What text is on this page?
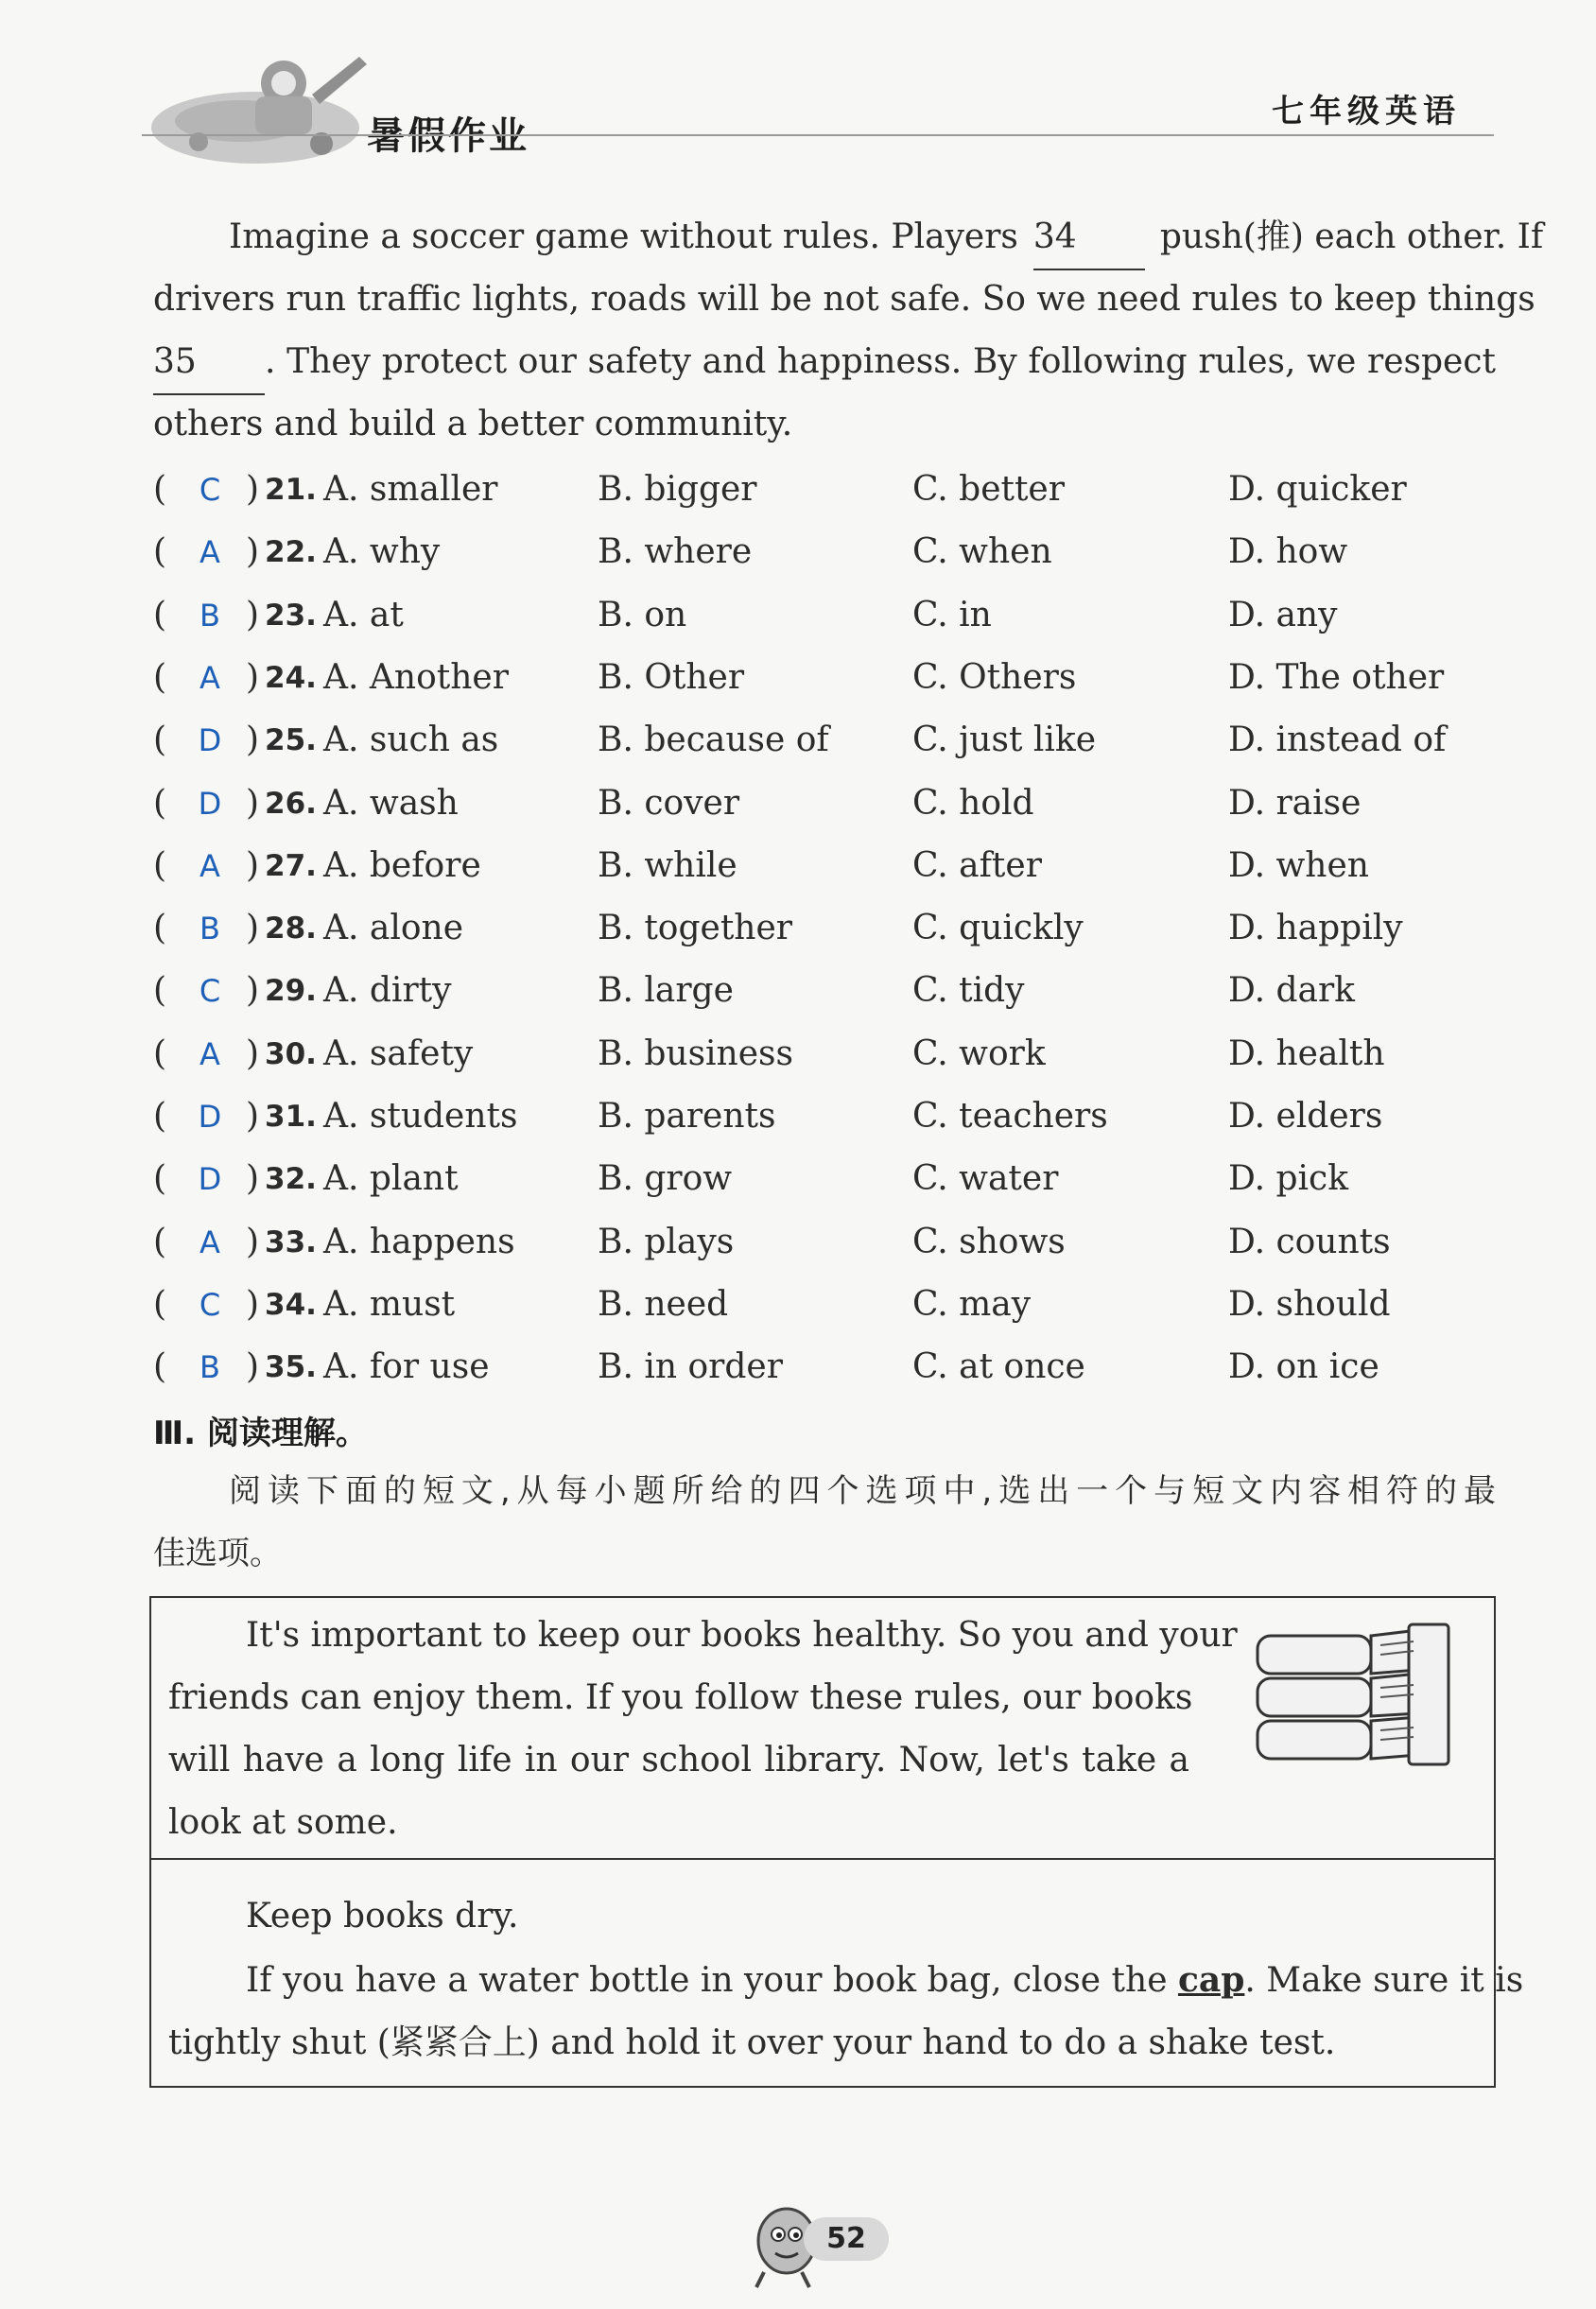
暑假作业
七年级英语
Imagine a soccer game without rules. Players 34 push(推) each other. If
drivers run traffic lights, roads will be not safe. So we need rules to keep things
35 . They protect our safety and happiness. By following rules, we respect
others and build a better community.
( C ) 21. A. smaller	B. bigger	C. better	D. quicker
( A ) 22. A. why	B. where	C. when	D. how
( B ) 23. A. at	B. on	C. in	D. any
( A ) 24. A. Another	B. Other	C. Others	D. The other
( D ) 25. A. such as	B. because of C. just like	D. instead of
( D ) 26. A. wash	B. cover	C. hold	D. raise
( A ) 27. A. before	B. while	C. after	D. when
( B ) 28. A. alone	B. together	C. quickly	D. happily
( C ) 29. A. dirty	B. large	C. tidy	D. dark
( A ) 30. A. safety	B. business	C. work	D. health
( D ) 31. A. students B. parents	C. teachers	D. elders
( D ) 32. A. plant	B. grow	C. water	D. pick
( A ) 33. A. happens B. plays	C. shows	D. counts
( C ) 34. A. must	B. need	C. may	D. should
( B ) 35. A. for use	B. in order	C. at once	D. on ice
Ⅲ. 阅读理解。
阅读下面的短文,从每小题所给的四个选项中,选出一个与短文内容相符的最
佳选项。
It's important to keep our books healthy. So you and your
friends can enjoy them. If you follow these rules, our books
will have a long life in our school library. Now, let's take a
look at some.
Keep books dry.
If you have a water bottle in your book bag, close the cap. Make sure it is
tightly shut (紧紧合上) and hold it over your hand to do a shake test.
52
